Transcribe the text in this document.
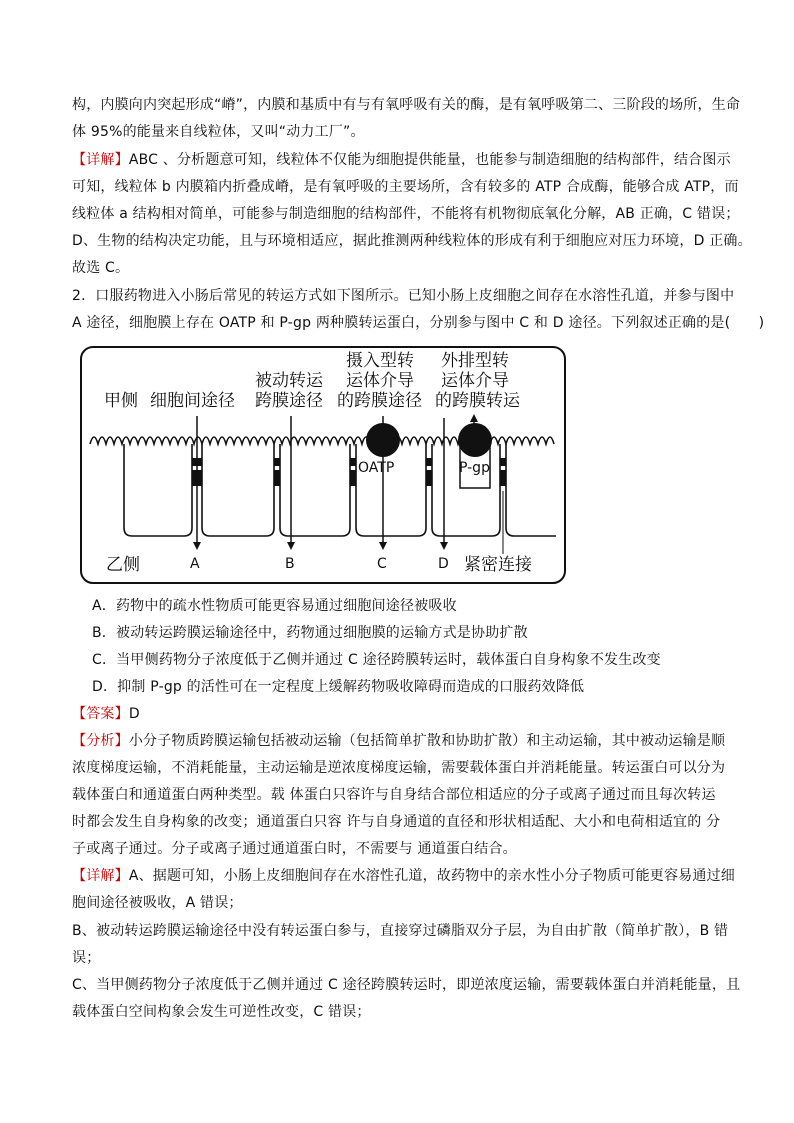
构，内膜向内突起形成“嵴”，内膜和基质中有与有氧呼吸有关的酶，是有氧呼吸第二、三阶段的场所，生命
体 95%的能量来自线粒体，又叫“动力工厂”。
【详解】ABC 、分析题意可知，线粒体不仅能为细胞提供能量，也能参与制造细胞的结构部件，结合图示
可知，线粒体 b 内膜箱内折叠成嵴，是有氧呼吸的主要场所，含有较多的 ATP 合成酶，能够合成 ATP，而
线粒体 a 结构相对简单，可能参与制造细胞的结构部件，不能将有机物彻底氧化分解，AB 正确，C 错误；
D、生物的结构决定功能，且与环境相适应，据此推测两种线粒体的形成有利于细胞应对压力环境，D 正确。
故选 C。
2．口服药物进入小肠后常见的转运方式如下图所示。已知小肠上皮细胞之间存在水溶性孔道，并参与图中
A 途径，细胞膜上存在 OATP 和 P-gp 两种膜转运蛋白，分别参与图中 C 和 D 途径。下列叙述正确的是(　　)
甲侧 细胞间途径
被动转运
跨膜途径
摄入型转
运体介导
的跨膜途径
外排型转
运体介导
的跨膜转运
OATP	P-gp
乙侧	A	B	C	D 紧密连接
A．药物中的疏水性物质可能更容易通过细胞间途径被吸收
B．被动转运跨膜运输途径中，药物通过细胞膜的运输方式是协助扩散
C．当甲侧药物分子浓度低于乙侧并通过 C 途径跨膜转运时，载体蛋白自身构象不发生改变
D．抑制 P-gp 的活性可在一定程度上缓解药物吸收障碍而造成的口服药效降低
【答案】D
【分析】小分子物质跨膜运输包括被动运输（包括简单扩散和协助扩散）和主动运输，其中被动运输是顺
浓度梯度运输，不消耗能量，主动运输是逆浓度梯度运输，需要载体蛋白并消耗能量。转运蛋白可以分为
载体蛋白和通道蛋白两种类型。载 体蛋白只容许与自身结合部位相适应的分子或离子通过而且每次转运
时都会发生自身构象的改变；通道蛋白只容 许与自身通道的直径和形状相适配、大小和电荷相适宜的 分
子或离子通过。分子或离子通过通道蛋白时，不需要与 通道蛋白结合。
【详解】A、据题可知，小肠上皮细胞间存在水溶性孔道，故药物中的亲水性小分子物质可能更容易通过细
胞间途径被吸收，A 错误；
B、被动转运跨膜运输途径中没有转运蛋白参与，直接穿过磷脂双分子层，为自由扩散（简单扩散），B 错
误；
C、当甲侧药物分子浓度低于乙侧并通过 C 途径跨膜转运时，即逆浓度运输，需要载体蛋白并消耗能量，且
载体蛋白空间构象会发生可逆性改变，C 错误；
